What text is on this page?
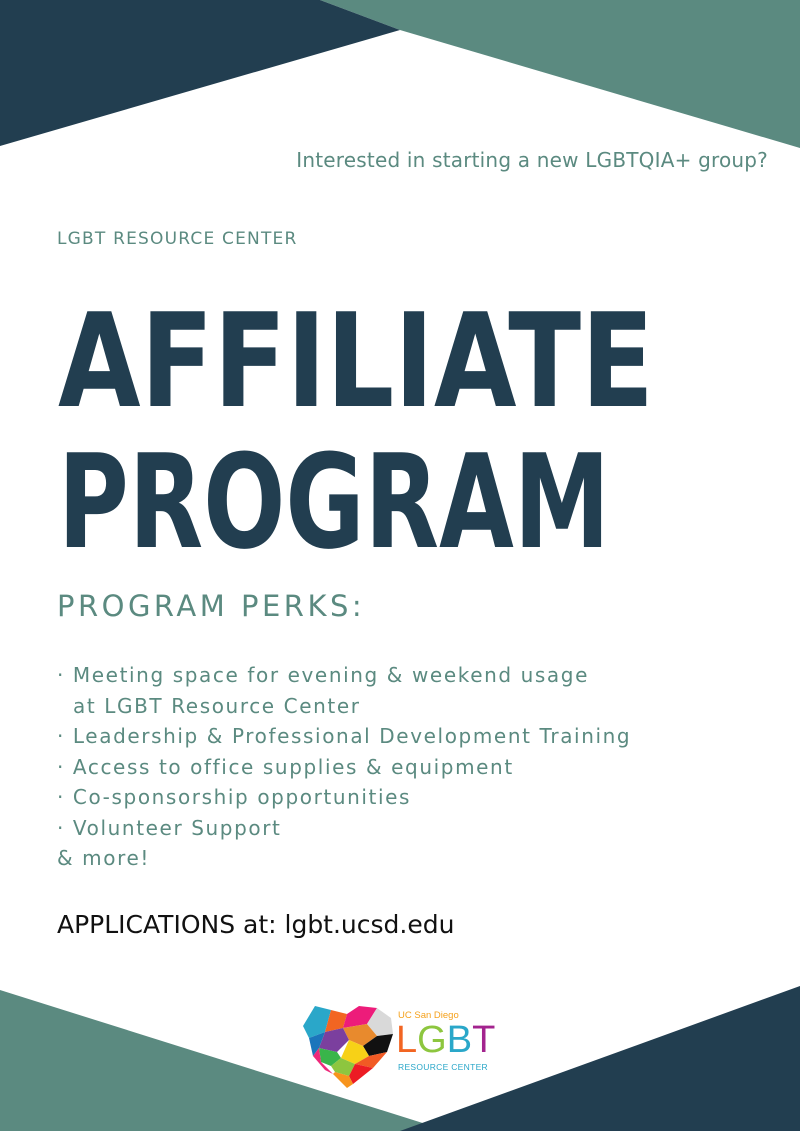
Interested in starting a new LGBTQIA+ group?
LGBT RESOURCE CENTER
AFFILIATE
PROGRAM
PROGRAM PERKS:
· Meeting space for evening & weekend usage
at LGBT Resource Center
· Leadership & Professional Development Training
· Access to office supplies & equipment
· Co-sponsorship opportunities
· Volunteer Support
& more!
APPLICATIONS at: lgbt.ucsd.edu
UC San Diego
LGBT
RESOURCE CENTER
